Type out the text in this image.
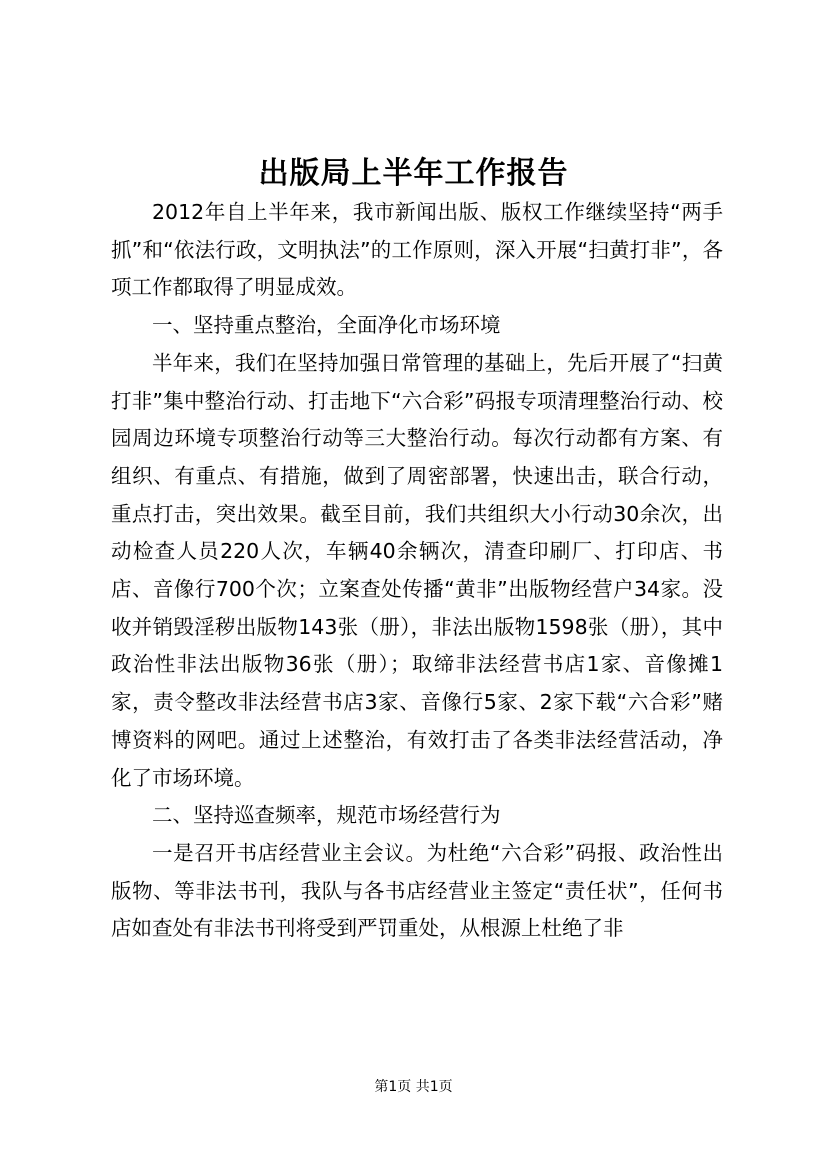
出版局上半年工作报告

2012年自上半年来，我市新闻出版、版权工作继续坚持“两手抓”和“依法行政，文明执法”的工作原则，深入开展“扫黄打非”，各项工作都取得了明显成效。

一、坚持重点整治，全面净化市场环境

半年来，我们在坚持加强日常管理的基础上，先后开展了“扫黄打非”集中整治行动、打击地下“六合彩”码报专项清理整治行动、校园周边环境专项整治行动等三大整治行动。每次行动都有方案、有组织、有重点、有措施，做到了周密部署，快速出击，联合行动，重点打击，突出效果。截至目前，我们共组织大小行动30余次，出动检查人员220人次，车辆40余辆次，清查印刷厂、打印店、书店、音像行700个次；立案查处传播“黄非”出版物经营户34家。没收并销毁淫秽出版物143张（册），非法出版物1598张（册），其中政治性非法出版物36张（册）；取缔非法经营书店1家、音像摊1家，责令整改非法经营书店3家、音像行5家、2家下载“六合彩”赌博资料的网吧。通过上述整治，有效打击了各类非法经营活动，净化了市场环境。

二、坚持巡查频率，规范市场经营行为

一是召开书店经营业主会议。为杜绝“六合彩”码报、政治性出版物、等非法书刊，我队与各书店经营业主签定“责任状”，任何书店如查处有非法书刊将受到严罚重处，从根源上杜绝了非

第1页 共1页
